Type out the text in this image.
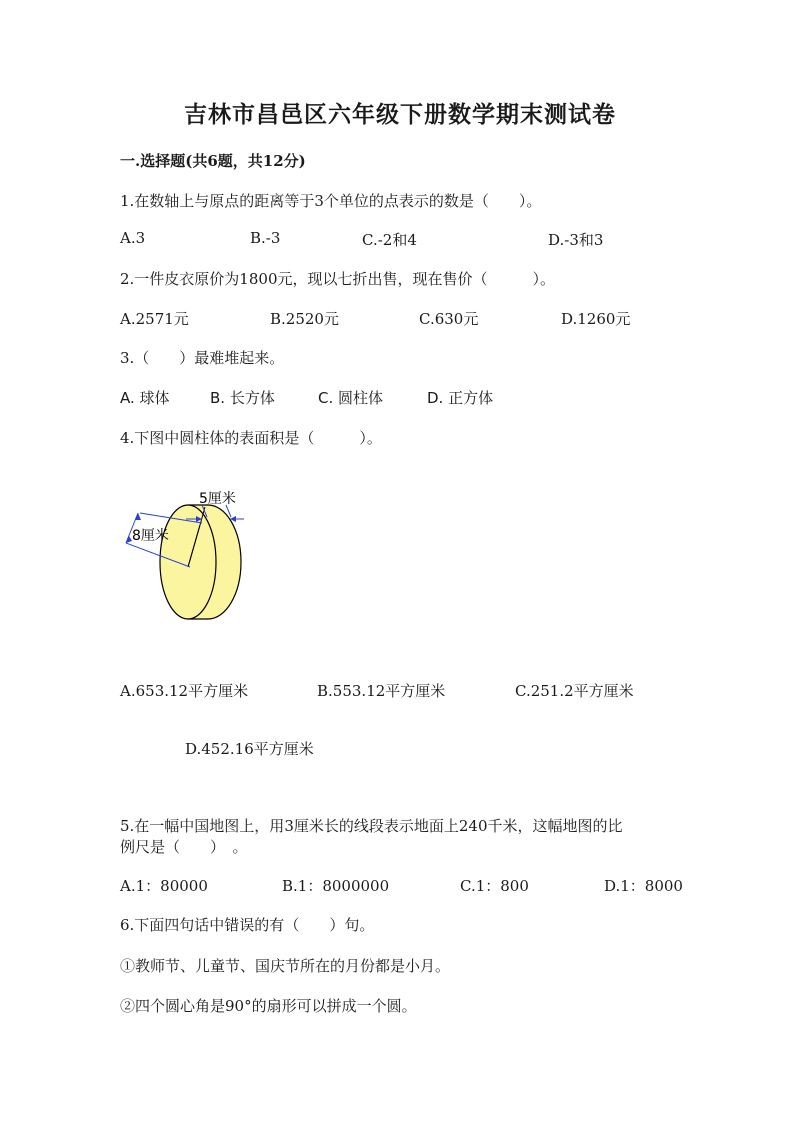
吉林市昌邑区六年级下册数学期末测试卷
一.选择题(共6题，共12分)
1.在数轴上与原点的距离等于3个单位的点表示的数是（　　）。
A.3	B.-3	C.-2和4	D.-3和3
2.一件皮衣原价为1800元，现以七折出售，现在售价（　　　）。
A.2571元	B.2520元	C.630元	D.1260元
3.（　　）最难堆起来。
A. 球体	B. 长方体	C. 圆柱体	D. 正方体
4.下图中圆柱体的表面积是（　　　）。
5厘米
8厘米
A.653.12平方厘米	B.553.12平方厘米	C.251.2平方厘米
D.452.16平方厘米
5.在一幅中国地图上，用3厘米长的线段表示地面上240千米，这幅地图的比
例尺是（　　）　。
A.1：80000	B.1：8000000	C.1：800	D.1：8000
6.下面四句话中错误的有（　　）句。
①教师节、儿童节、国庆节所在的月份都是小月。
②四个圆心角是90°的扇形可以拼成一个圆。
